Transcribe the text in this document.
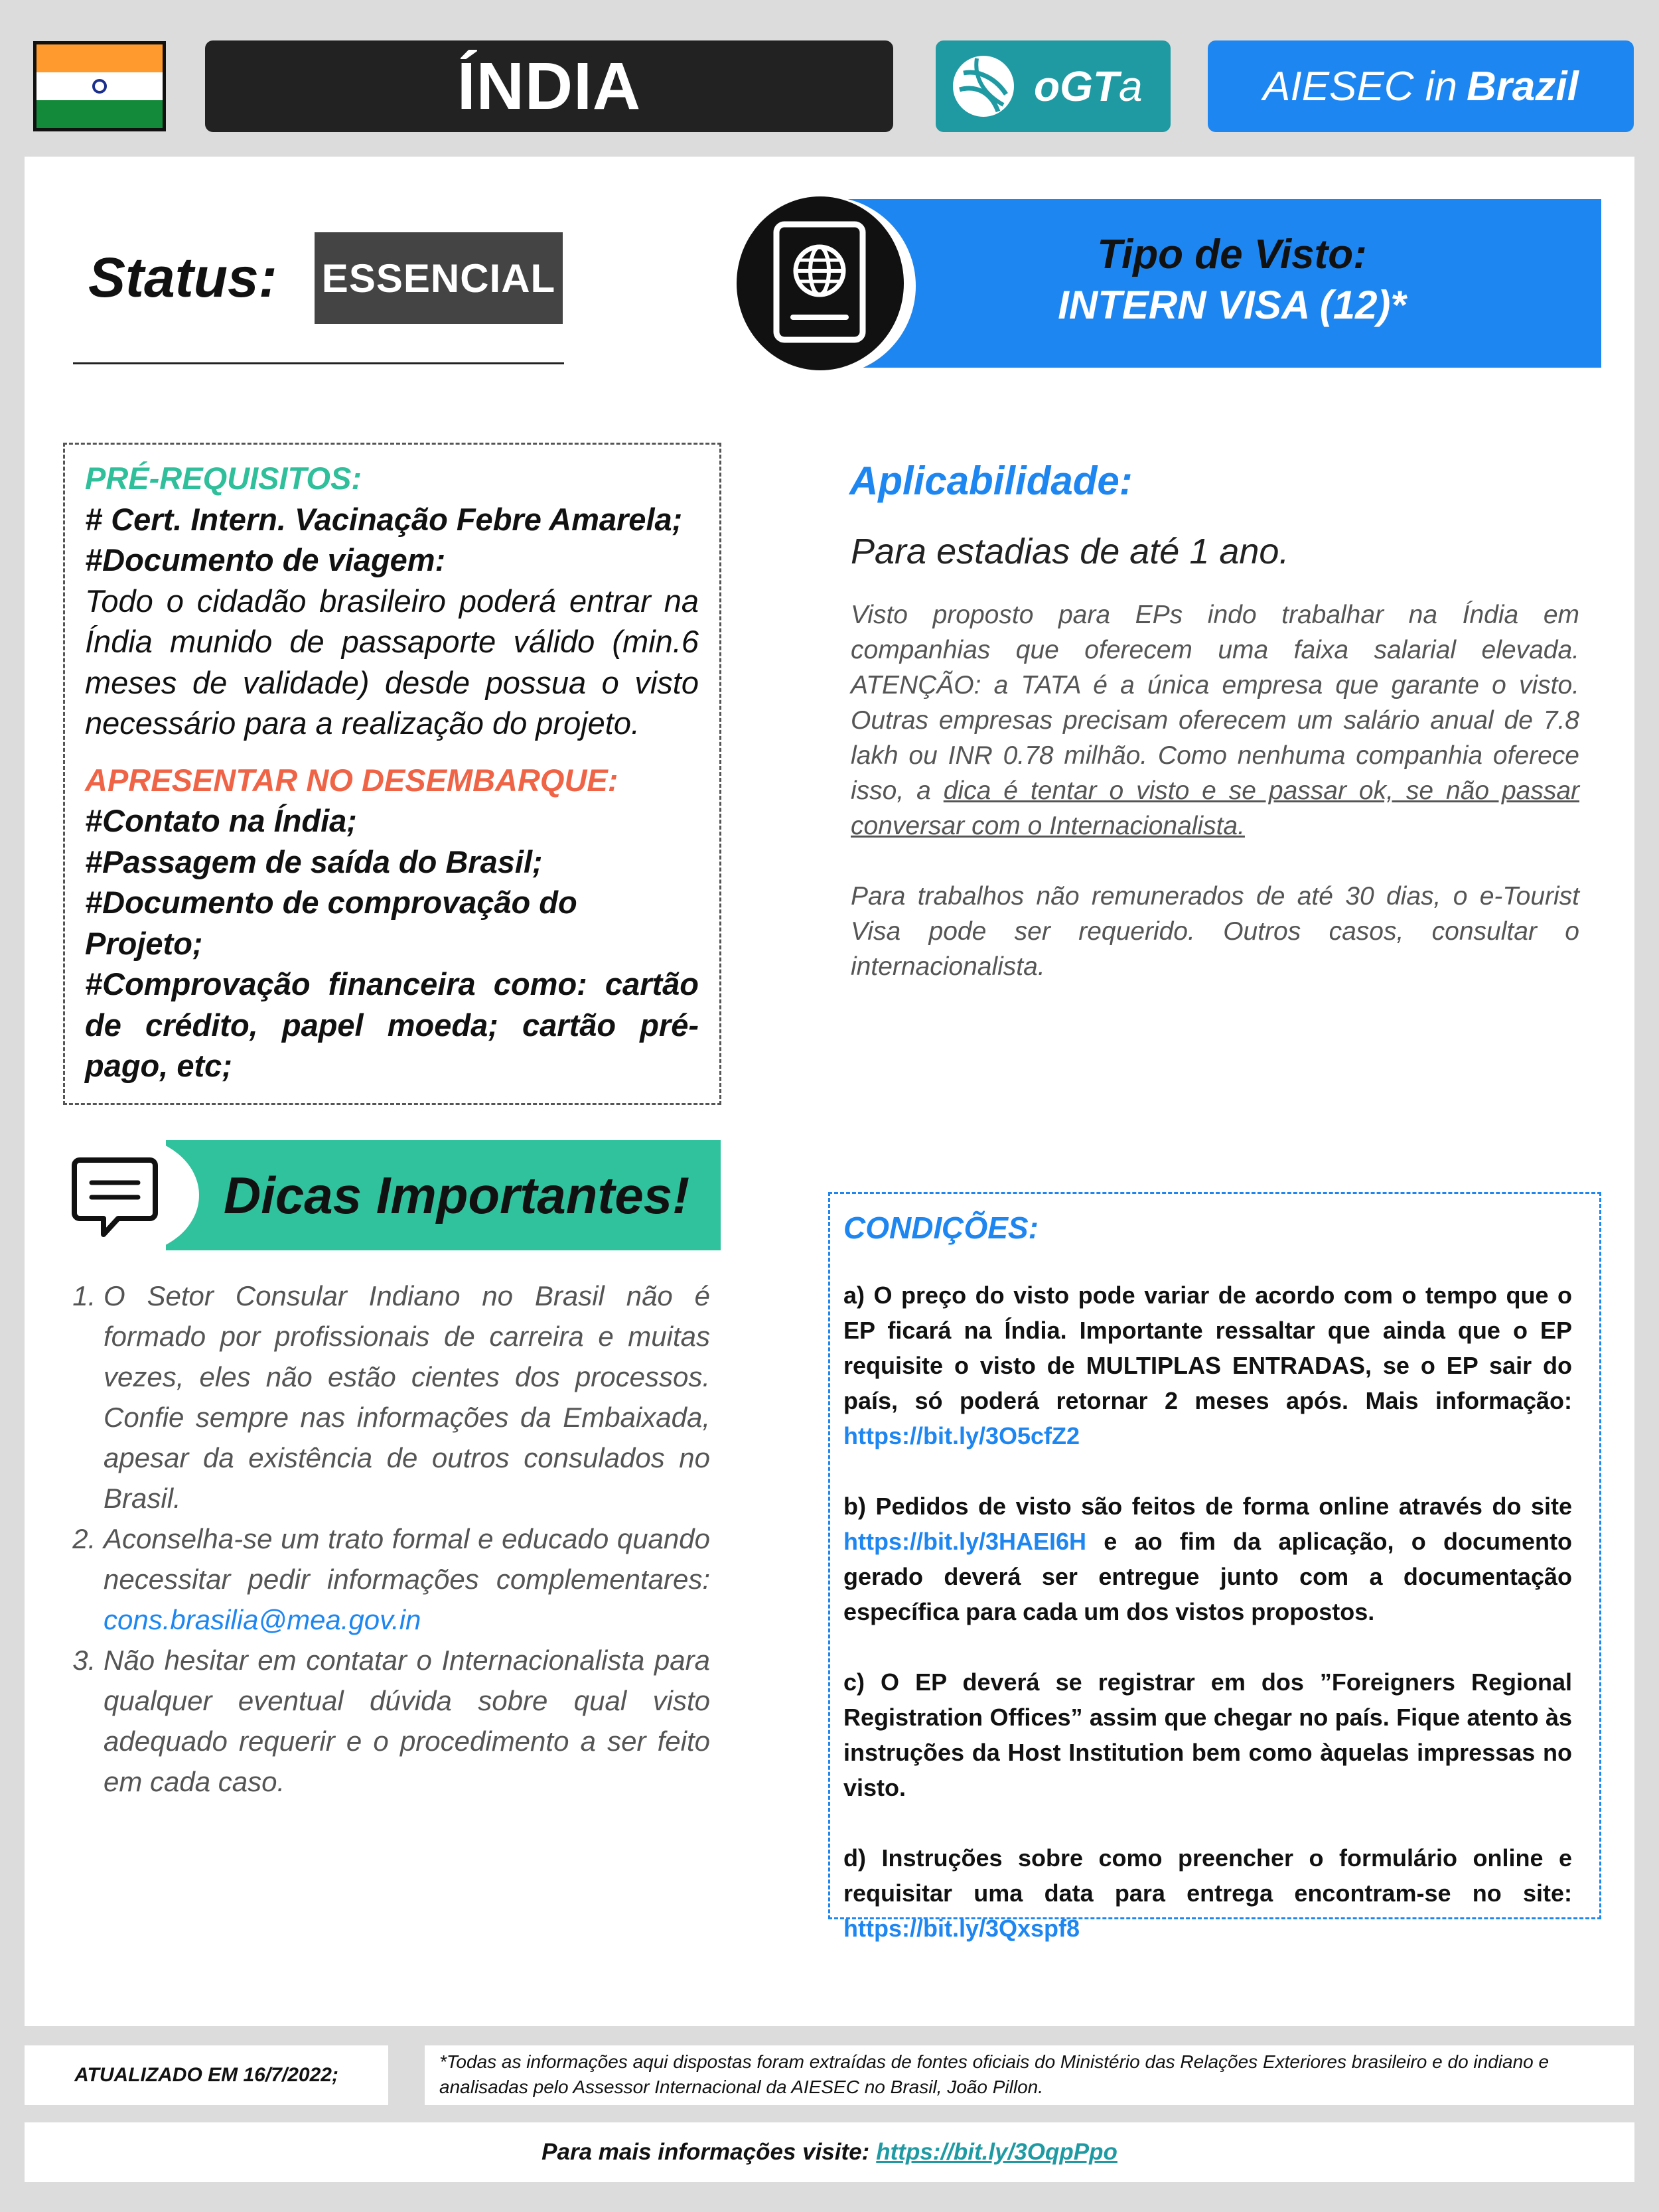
ÍNDIA	oGTa	AIESEC in Brazil
Status: ESSENCIAL
Tipo de Visto:
INTERN VISA (12)*
PRÉ-REQUISITOS:
# Cert. Intern. Vacinação Febre Amarela;
#Documento de viagem:
Todo o cidadão brasileiro poderá entrar na Índia munido de passaporte válido (min.6 meses de validade) desde possua o visto necessário para a realização do projeto.
APRESENTAR NO DESEMBARQUE:
#Contato na Índia;
#Passagem de saída do Brasil;
#Documento de comprovação do Projeto;
#Comprovação financeira como: cartão de crédito, papel moeda; cartão pré-pago, etc;
Aplicabilidade:
Para estadias de até 1 ano.

Visto proposto para EPs indo trabalhar na Índia em companhias que oferecem uma faixa salarial elevada. ATENÇÃO: a TATA é a única empresa que garante o visto. Outras empresas precisam oferecem um salário anual de 7.8 lakh ou INR 0.78 milhão. Como nenhuma companhia oferece isso, a dica é tentar o visto e se passar ok, se não passar conversar com o Internacionalista.

Para trabalhos não remunerados de até 30 dias, o e-Tourist Visa pode ser requerido. Outros casos, consultar o internacionalista.

Dicas Importantes!
1. O Setor Consular Indiano no Brasil não é formado por profissionais de carreira e muitas vezes, eles não estão cientes dos processos. Confie sempre nas informações da Embaixada, apesar da existência de outros consulados no Brasil.
2. Aconselha-se um trato formal e educado quando necessitar pedir informações complementares: cons.brasilia@mea.gov.in
3. Não hesitar em contatar o Internacionalista para qualquer eventual dúvida sobre qual visto adequado requerir e o procedimento a ser feito em cada caso.
CONDIÇÕES:

a) O preço do visto pode variar de acordo com o tempo que o EP ficará na Índia. Importante ressaltar que ainda que o EP requisite o visto de MULTIPLAS ENTRADAS, se o EP sair do país, só poderá retornar 2 meses após. Mais informação: https://bit.ly/3O5cfZ2

b) Pedidos de visto são feitos de forma online através do site https://bit.ly/3HAEI6H e ao fim da aplicação, o documento gerado deverá ser entregue junto com a documentação específica para cada um dos vistos propostos.

c) O EP deverá se registrar em dos ”Foreigners Regional Registration Offices” assim que chegar no país. Fique atento às instruções da Host Institution bem como àquelas impressas no visto.

d) Instruções sobre como preencher o formulário online e requisitar uma data para entrega encontram-se no site: https://bit.ly/3Qxspf8

ATUALIZADO EM 16/7/2022;
*Todas as informações aqui dispostas foram extraídas de fontes oficiais do Ministério das Relações Exteriores brasileiro e do indiano e analisadas pelo Assessor Internacional da AIESEC no Brasil, João Pillon.
Para mais informações visite: https://bit.ly/3OqpPpo
